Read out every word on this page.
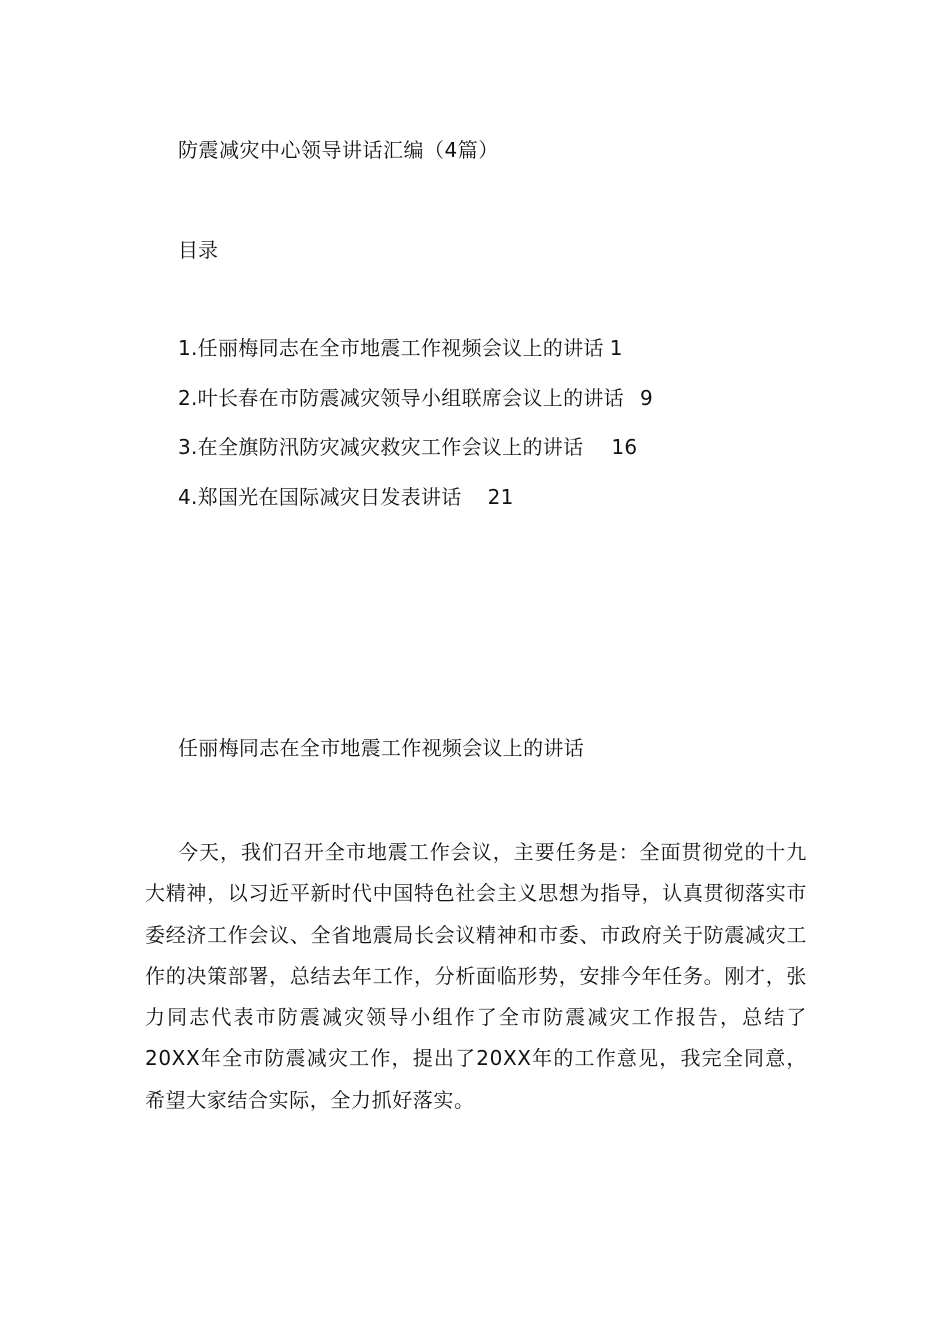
防震减灾中心领导讲话汇编（4篇）
目录
1.任丽梅同志在全市地震工作视频会议上的讲话 1
2.叶长春在市防震减灾领导小组联席会议上的讲话 9
3.在全旗防汛防灾减灾救灾工作会议上的讲话 16
4.郑国光在国际减灾日发表讲话 21
任丽梅同志在全市地震工作视频会议上的讲话

今天，我们召开全市地震工作会议，主要任务是：全面贯彻党的十九大精神，以习近平新时代中国特色社会主义思想为指导，认真贯彻落实市委经济工作会议、全省地震局长会议精神和市委、市政府关于防震减灾工作的决策部署，总结去年工作，分析面临形势，安排今年任务。刚才，张力同志代表市防震减灾领导小组作了全市防震减灾工作报告，总结了20XX年全市防震减灾工作，提出了20XX年的工作意见，我完全同意，希望大家结合实际，全力抓好落实。
